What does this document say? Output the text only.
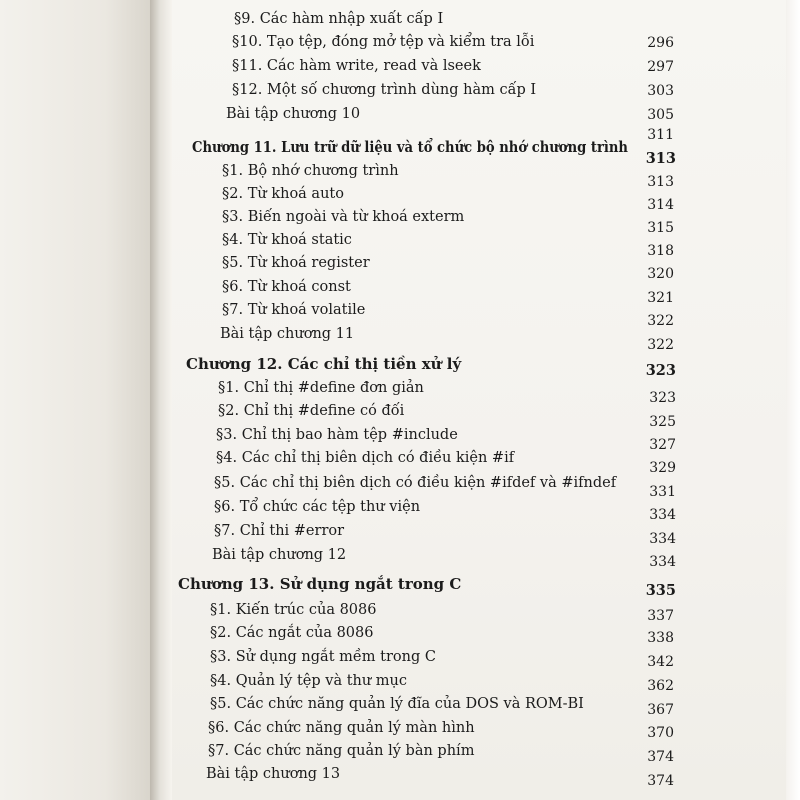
§9. Các hàm nhập xuất cấp I
§10. Tạo tệp, đóng mở tệp và kiểm tra lỗi
§11. Các hàm write, read và lseek
§12. Một số chương trình dùng hàm cấp I
Bài tập chương 10
Chương 11. Lưu trữ dữ liệu và tổ chức bộ nhớ chương trình
§1. Bộ nhớ chương trình
§2. Từ khoá auto
§3. Biến ngoài và từ khoá exterm
§4. Từ khoá static
§5. Từ khoá register
§6. Từ khoá const
§7. Từ khoá volatile
Bài tập chương 11
Chương 12. Các chỉ thị tiền xử lý
§1. Chỉ thị #define đơn giản
§2. Chỉ thị #define có đối
§3. Chỉ thị bao hàm tệp #include
§4. Các chỉ thị biên dịch có điều kiện #if
§5. Các chỉ thị biên dịch có điều kiện #ifdef và #ifndef
§6. Tổ chức các tệp thư viện
§7. Chỉ thi #error
Bài tập chương 12
Chương 13. Sử dụng ngắt trong C
§1. Kiến trúc của 8086
§2. Các ngắt của 8086
§3. Sử dụng ngắt mềm trong C
§4. Quản lý tệp và thư mục
§5. Các chức năng quản lý đĩa của DOS và ROM-BI
§6. Các chức năng quản lý màn hình
§7. Các chức năng quản lý bàn phím
Bài tập chương 13
296
297
303
305
311
313
313
314
315
318
320
321
322
322
323
323
325
327
329
331
334
334
334
335
337
338
342
362
367
370
374
374
